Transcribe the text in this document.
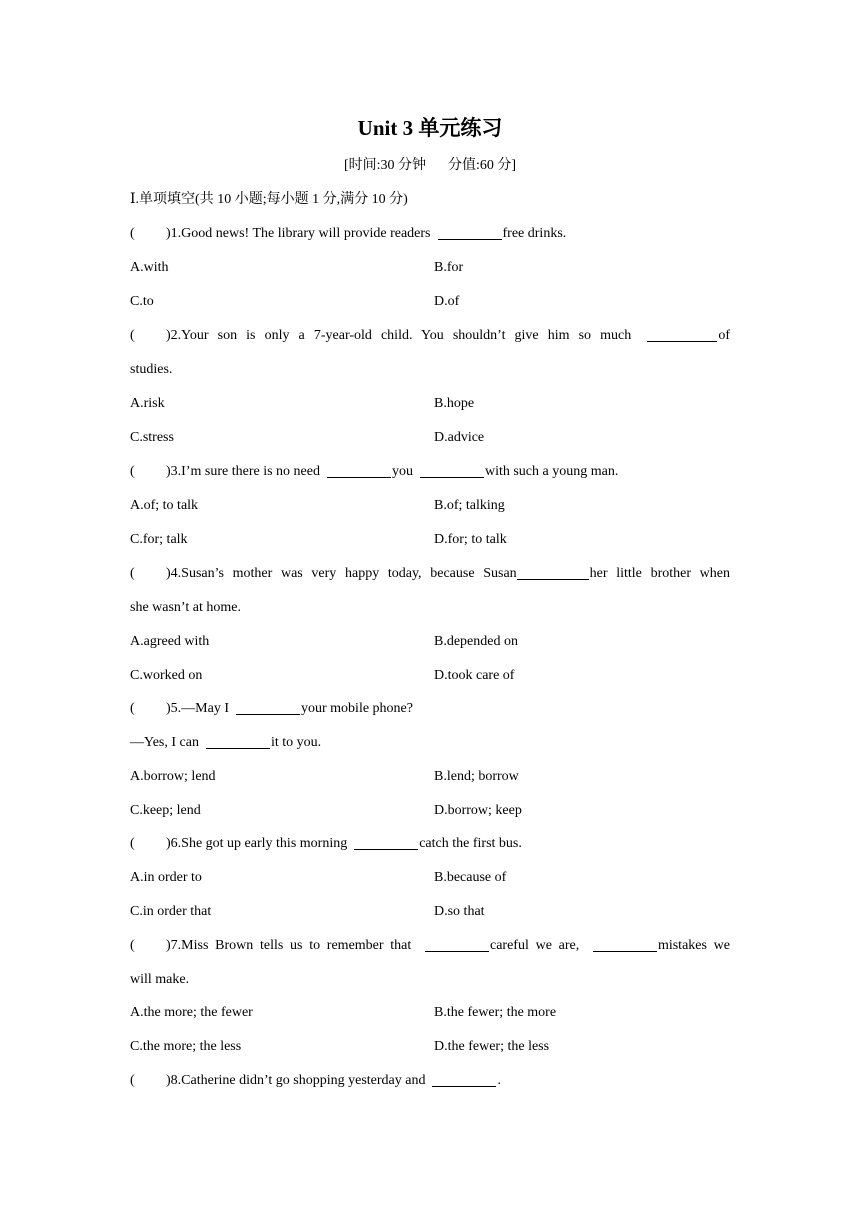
Unit 3 单元练习
[时间:30 分钟 分值:60 分]
Ⅰ.单项填空(共 10 小题;每小题 1 分,满分 10 分)
( )1.Good news! The library will provide readers	free drinks.
A.with	B.for
C.to	D.of
( )2.Your son is only a 7-year-old child. You shouldn’t give him so much	of
studies.
A.risk	B.hope
C.stress	D.advice
( )3.I’m sure there is no need	you	with such a young man.
A.of; to talk	B.of; talking
C.for; talk	D.for; to talk
( )4.Susan’s mother was very happy today, because Susan	her little brother when
she wasn’t at home.
A.agreed with	B.depended on
C.worked on	D.took care of
( )5.—May I	your mobile phone?
—Yes, I can	it to you.
A.borrow; lend	B.lend; borrow
C.keep; lend	D.borrow; keep
( )6.She got up early this morning	catch the first bus.
A.in order to	B.because of
C.in order that	D.so that
( )7.Miss Brown tells us to remember that	careful we are,	mistakes we
will make.
A.the more; the fewer	B.the fewer; the more
C.the more; the less	D.the fewer; the less
( )8.Catherine didn’t go shopping yesterday and	.
